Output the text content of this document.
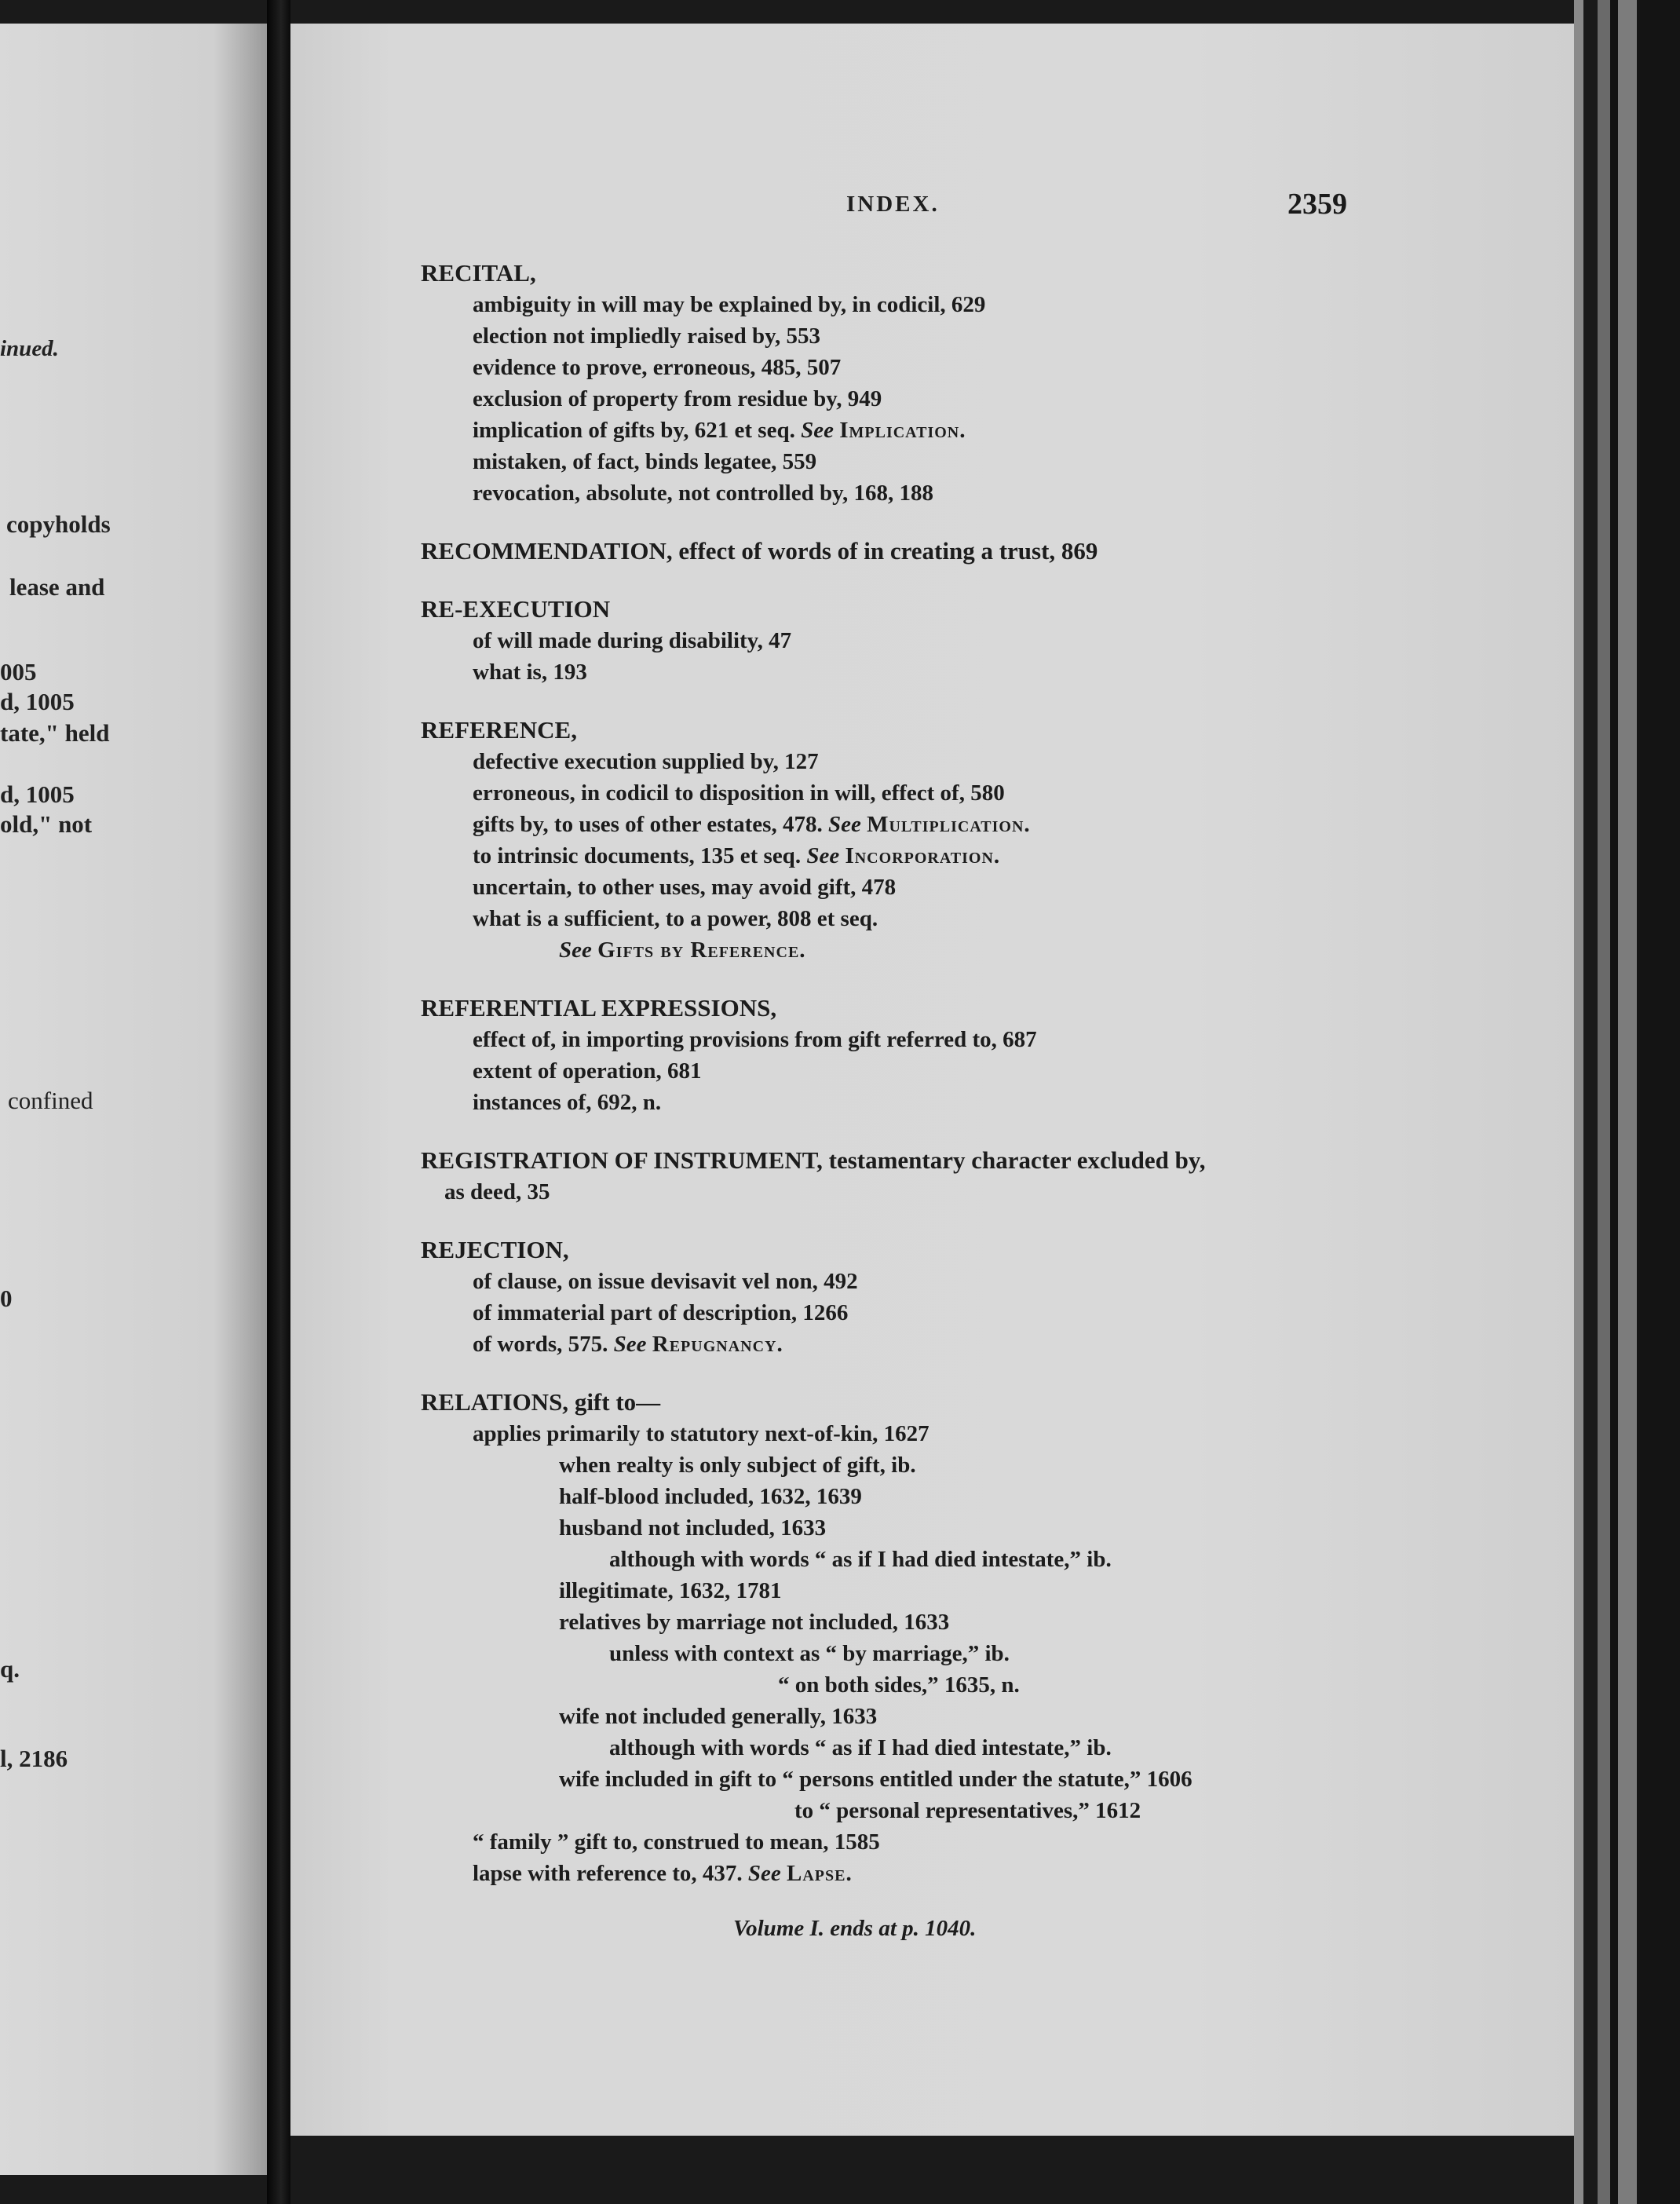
inued.
copyholds
lease and
005
d, 1005
tate," held
d, 1005
old," not
confined
0
q.
l, 2186
INDEX.	2359
RECITAL,
ambiguity in will may be explained by, in codicil, 629
election not impliedly raised by, 553
evidence to prove, erroneous, 485, 507
exclusion of property from residue by, 949
implication of gifts by, 621 et seq. See Implication.
mistaken, of fact, binds legatee, 559
revocation, absolute, not controlled by, 168, 188
RECOMMENDATION, effect of words of in creating a trust, 869
RE-EXECUTION
of will made during disability, 47
what is, 193
REFERENCE,
defective execution supplied by, 127
erroneous, in codicil to disposition in will, effect of, 580
gifts by, to uses of other estates, 478. See Multiplication.
to intrinsic documents, 135 et seq. See Incorporation.
uncertain, to other uses, may avoid gift, 478
what is a sufficient, to a power, 808 et seq.
See Gifts by Reference.
REFERENTIAL EXPRESSIONS,
effect of, in importing provisions from gift referred to, 687
extent of operation, 681
instances of, 692, n.
REGISTRATION OF INSTRUMENT, testamentary character excluded by,
as deed, 35
REJECTION,
of clause, on issue devisavit vel non, 492
of immaterial part of description, 1266
of words, 575. See Repugnancy.
RELATIONS, gift to—
applies primarily to statutory next-of-kin, 1627
when realty is only subject of gift, ib.
half-blood included, 1632, 1639
husband not included, 1633
although with words “ as if I had died intestate,” ib.
illegitimate, 1632, 1781
relatives by marriage not included, 1633
unless with context as “ by marriage,” ib.
“ on both sides,” 1635, n.
wife not included generally, 1633
although with words “ as if I had died intestate,” ib.
wife included in gift to “ persons entitled under the statute,” 1606
to “ personal representatives,” 1612
“ family ” gift to, construed to mean, 1585
lapse with reference to, 437. See Lapse.
Volume I. ends at p. 1040.
